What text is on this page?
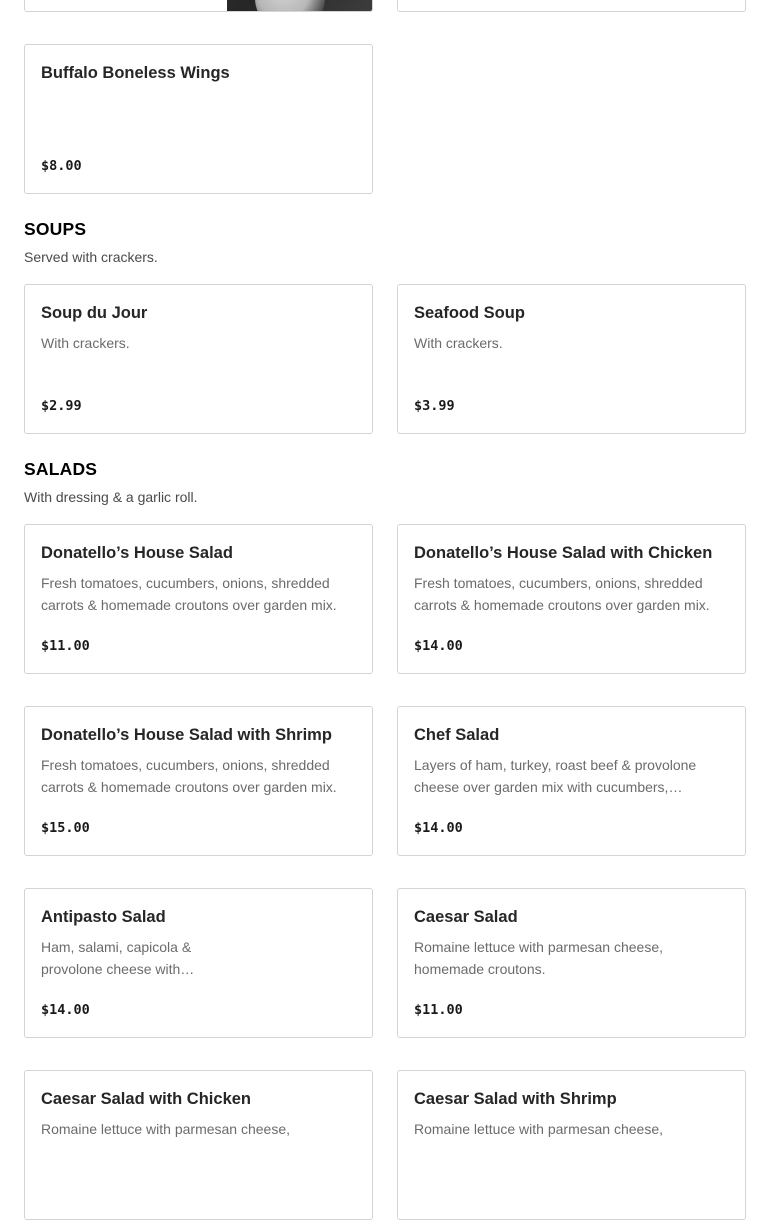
Buffalo Boneless Wings
$8.00
SOUPS
Served with crackers.
Soup du Jour
With crackers.
$2.99
Seafood Soup
With crackers.
$3.99
SALADS
With dressing & a garlic roll.
Donatello’s House Salad
Fresh tomatoes, cucumbers, onions, shredded carrots & homemade croutons over garden mix.
$11.00
Donatello’s House Salad with Chicken
Fresh tomatoes, cucumbers, onions, shredded carrots & homemade croutons over garden mix.
$14.00
Donatello’s House Salad with Shrimp
Fresh tomatoes, cucumbers, onions, shredded carrots & homemade croutons over garden mix.
$15.00
Chef Salad
Layers of ham, turkey, roast beef & provolone cheese over garden mix with cucumbers,…
$14.00
Antipasto Salad
Ham, salami, capicola & provolone cheese with…
$14.00
Caesar Salad
Romaine lettuce with parmesan cheese, homemade croutons.
$11.00
Caesar Salad with Chicken
Romaine lettuce with parmesan cheese,
Caesar Salad with Shrimp
Romaine lettuce with parmesan cheese,
